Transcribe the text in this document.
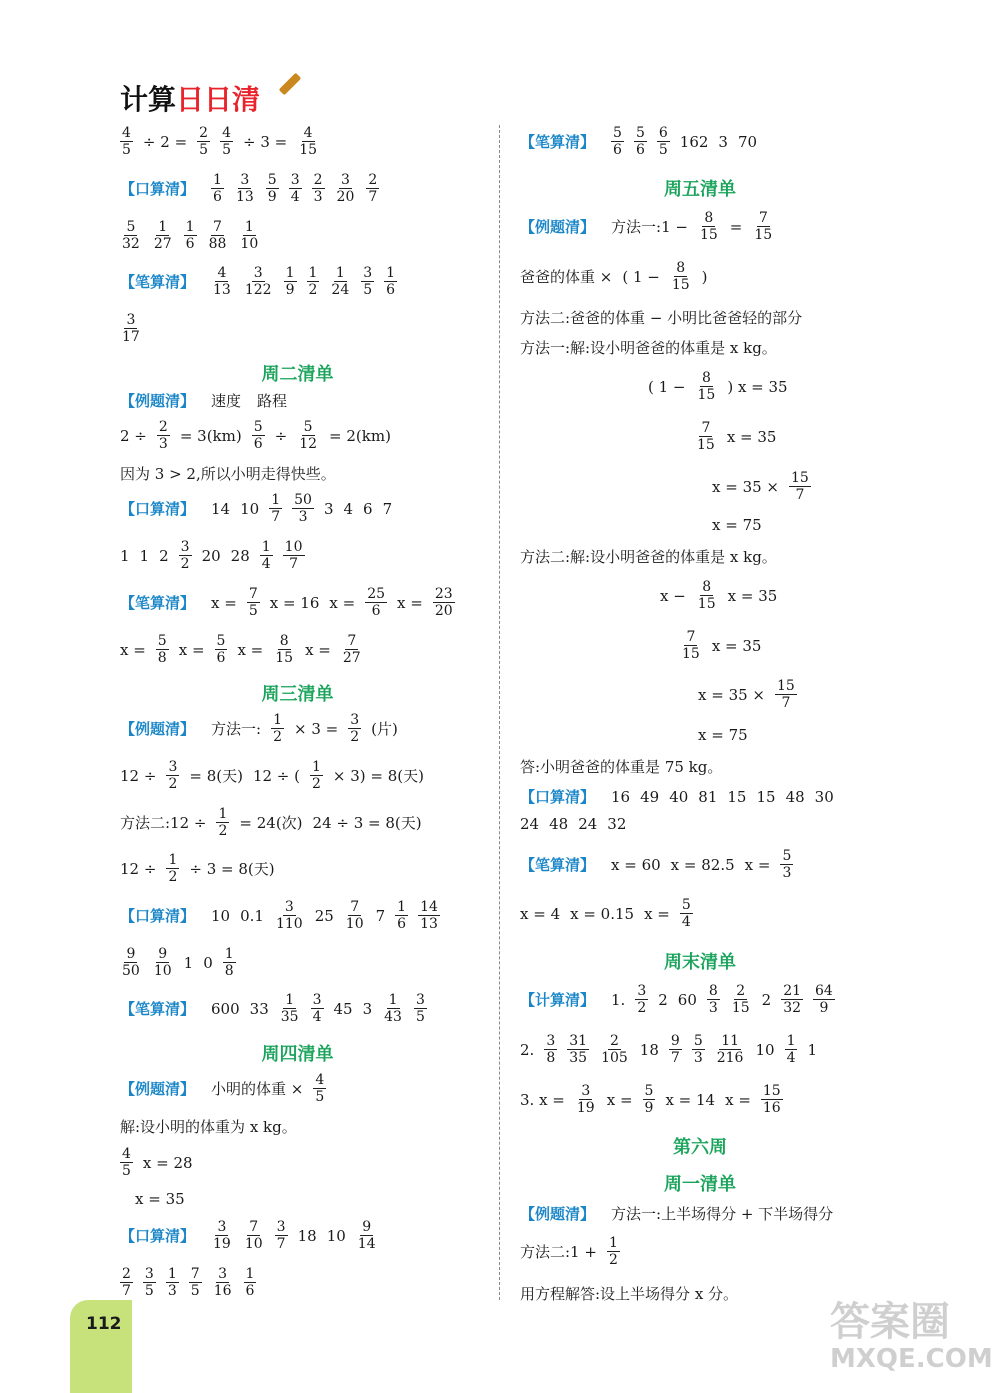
计算日日清
$\frac{4}{5} \div 2 = \frac{2}{5} \frac{4}{5} \div 3 = \frac{4}{15}$
【口算清】 $\frac{1}{6} \frac{3}{13} \frac{5}{9} \frac{3}{4} \frac{2}{3} \frac{3}{20} \frac{2}{7}$
$\frac{5}{32} \frac{1}{27} \frac{1}{6} \frac{7}{88} \frac{1}{10}$
【笔算清】 $\frac{4}{13} \frac{3}{122} \frac{1}{9} \frac{1}{2} \frac{1}{24} \frac{3}{5} \frac{1}{6}$
$\frac{3}{17}$
周二清单
【例题清】 速度 路程
$2 \div \frac{2}{3} = 3(km) \frac{5}{6} \div \frac{5}{12} = 2(km)$
因为 3 > 2,所以小明走得快些。
【口算清】 14 $10 \frac{1}{7} \frac{50}{3} 3$ 4 6 7
1 1 $2 \frac{3}{2} 20$ $28 \frac{1}{4} \frac{10}{7}$
【笔算清】 $x = \frac{7}{5}$ x = 16 $x = \frac{25}{6}$ $x = \frac{23}{20}$
$x = \frac{5}{8}$ $x = \frac{5}{6}$ $x = \frac{8}{15}$ $x = \frac{7}{27}$
周三清单
【例题清】 方法一: $\frac{1}{2} \times 3 = \frac{3}{2}$ (片)
$12 \div \frac{3}{2} = 8$(天) 12 ÷ ( $\frac{1}{2} \times 3) = 8$(天)
方法二:12 ÷ $\frac{1}{2} = 24$(次) 24 ÷ 3 = 8(天)
$12 \div \frac{1}{2} \div 3 = 8$(天)
【口算清】 10 $0.1 \frac{3}{110} 25 \frac{7}{10} 7 \frac{1}{6} \frac{14}{13}$
$\frac{9}{50} \frac{9}{10} 1$ $0 \frac{1}{8}$
【笔算清】 600 $33 \frac{1}{35} \frac{3}{4} 45$ $3 \frac{1}{43} \frac{3}{5}$
周四清单
【例题清】 小明的体重 × $\frac{4}{5}$
解:设小明的体重为 x kg。
$\frac{4}{5}$ x = 28
x = 35
【口算清】 $\frac{3}{19} \frac{7}{10} \frac{3}{7} 18$ $10 \frac{9}{14}$
$\frac{2}{7} \frac{3}{5} \frac{1}{3} \frac{7}{5} \frac{3}{16} \frac{1}{6}$
【笔算清】 $\frac{5}{6} \frac{5}{6} \frac{6}{5} 162$ 3 70
周五清单
【例题清】 方法一:1 − $\frac{8}{15} = \frac{7}{15}$
爸爸的体重 × ( $1 - \frac{8}{15}$ )
方法二:爸爸的体重 − 小明比爸爸轻的部分
方法一:解:设小明爸爸的体重是 x kg。
( $1 - \frac{8}{15}$ ) x = 35
$\frac{7}{15}$ x = 35
$x = 35 \times \frac{15}{7}$
x = 75
方法二:解:设小明爸爸的体重是 x kg。
$x - \frac{8}{15}$ x = 35
$\frac{7}{15}$ x = 35
$x = 35 \times \frac{15}{7}$
x = 75
答:小明爸爸的体重是 75 kg。
【口算清】 16 49 40 81 15 15 48 30
24 48 24 32
【笔算清】 x = 60 x = 82.5 $x = \frac{5}{3}$
x = 4 x = 0.15 $x = \frac{5}{4}$
周末清单
【计算清】 1. $\frac{3}{2} 2$ $60 \frac{8}{3} \frac{2}{15} 2 \frac{21}{32} \frac{64}{9}$
2. $\frac{3}{8} \frac{31}{35} \frac{2}{105} 18 \frac{9}{7} \frac{5}{3} \frac{11}{216} 10 \frac{1}{4} 1$
3. $x = \frac{3}{19}$ $x = \frac{5}{9}$ x = 14 $x = \frac{15}{16}$
第六周
周一清单
【例题清】 方法一:上半场得分 + 下半场得分
方法二:1 + $\frac{1}{2}$
用方程解答:设上半场得分 x 分。
112	答案圈
MXQE.COM
